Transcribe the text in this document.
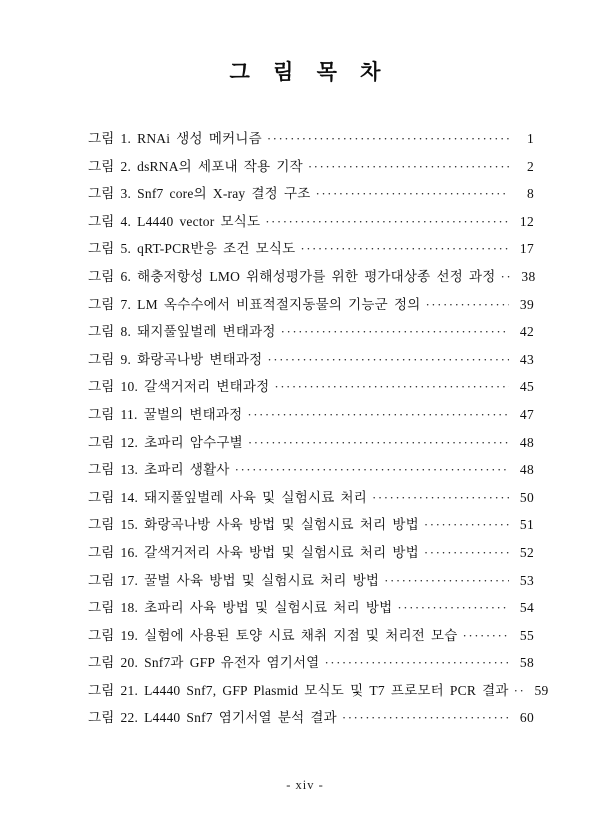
그 림 목 차
그림 1. RNAi 생성 메커니즘 ·····	1
그림 2. dsRNA의 세포내 작용 기작 ·····	2
그림 3. Snf7 core의 X-ray 결정 구조 ·····	8
그림 4. L4440 vector 모식도 ·····	12
그림 5. qRT-PCR반응 조건 모식도 ·····	17
그림 6. 해충저항성 LMO 위해성평가를 위한 평가대상종 선정 과정 ·····	38
그림 7. LM 옥수수에서 비표적절지동물의 기능군 정의 ·····	39
그림 8. 돼지풀잎벌레 변태과정 ·····	42
그림 9. 화랑곡나방 변태과정 ·····	43
그림 10. 갈색거저리 변태과정 ·····	45
그림 11. 꿀벌의 변태과정 ·····	47
그림 12. 초파리 암수구별 ·····	48
그림 13. 초파리 생활사 ·····	48
그림 14. 돼지풀잎벌레 사육 및 실험시료 처리 ·····	50
그림 15. 화랑곡나방 사육 방법 및 실험시료 처리 방법 ·····	51
그림 16. 갈색거저리 사육 방법 및 실험시료 처리 방법 ·····	52
그림 17. 꿀벌 사육 방법 및 실험시료 처리 방법 ·····	53
그림 18. 초파리 사육 방법 및 실험시료 처리 방법 ·····	54
그림 19. 실험에 사용된 토양 시료 채취 지점 및 처리전 모습 ·····	55
그림 20. Snf7과 GFP 유전자 염기서열 ·····	58
그림 21. L4440 Snf7, GFP Plasmid 모식도 및 T7 프로모터 PCR 결과 ·····	59
그림 22. L4440 Snf7 염기서열 분석 결과 ·····	60
- xiv -
